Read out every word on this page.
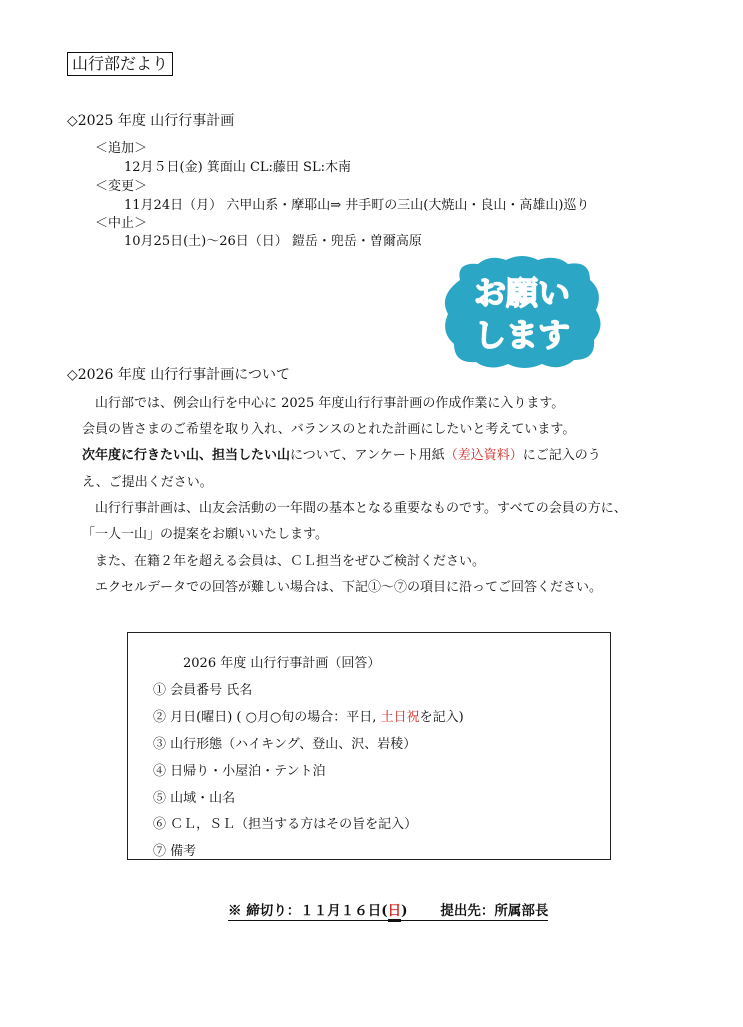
山行部だより
◇2025 年度 山行行事計画
＜追加＞
12月５日(金) 箕面山 CL:藤田 SL:木南
＜変更＞
11月24日（月） 六甲山系・摩耶山⇒ 井手町の三山(大焼山・良山・高雄山)巡り
＜中止＞
10月25日(土)～26日（日） 鎧岳・兜岳・曽爾高原
お願い
します
◇2026 年度 山行行事計画について
山行部では、例会山行を中心に 2025 年度山行行事計画の作成作業に入ります。
会員の皆さまのご希望を取り入れ、バランスのとれた計画にしたいと考えています。
次年度に行きたい山、担当したい山について、アンケート用紙（差込資料）にご記入のう
え、ご提出ください。
山行行事計画は、山友会活動の一年間の基本となる重要なものです。すべての会員の方に、
「一人一山」の提案をお願いいたします。
また、在籍２年を超える会員は、ＣＬ担当をぜひご検討ください。
エクセルデータでの回答が難しい場合は、下記①～⑦の項目に沿ってご回答ください。
2026 年度 山行行事計画（回答）
① 会員番号 氏名
② 月日(曜日) ( ○月○旬の場合：平日, 土日祝を記入)
③ 山行形態（ハイキング、登山、沢、岩稜）
④ 日帰り・小屋泊・テント泊
⑤ 山域・山名
⑥ ＣＬ，ＳＬ（担当する方はその旨を記入）
⑦ 備考
※ 締切り：１１月１６日(日) 提出先：所属部長
